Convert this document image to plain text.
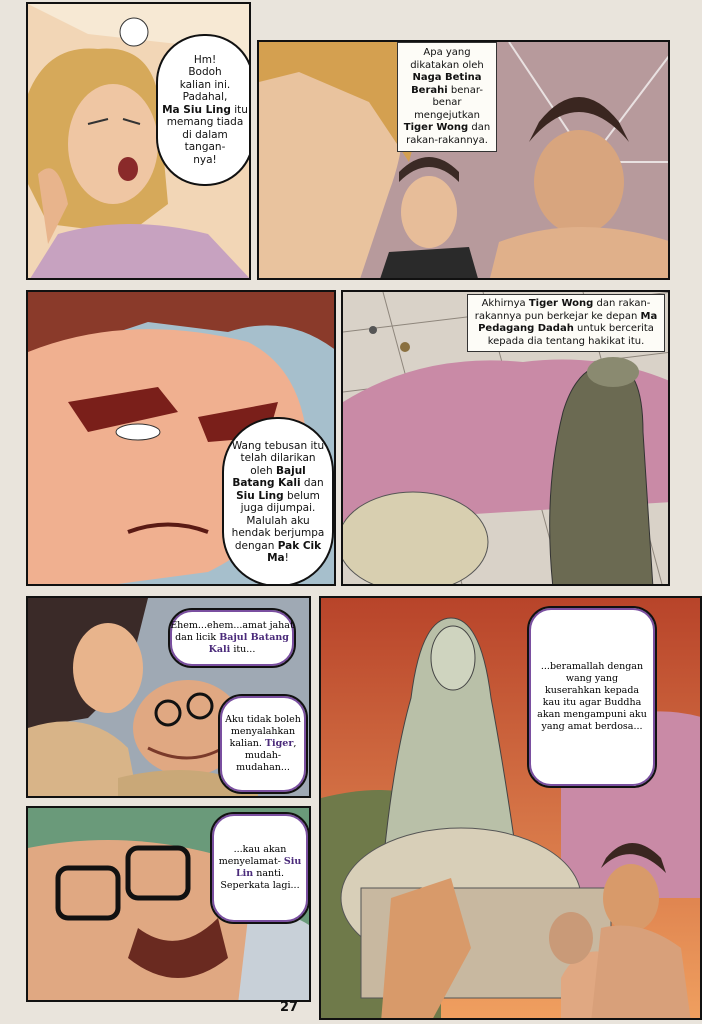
Hm!
Bodoh
kalian ini.
Padahal,
Ma Siu Ling itu
memang tiada
di dalam
tangan-
nya!
Apa yang dikatakan oleh Naga Betina Berahi benar-benar mengejutkan Tiger Wong dan rakan-rakannya.
Wang tebusan itu telah dilarikan oleh Bajul Batang Kali dan Siu Ling belum juga dijumpai. Malulah aku hendak berjumpa dengan Pak Cik Ma!
Akhirnya Tiger Wong dan rakan-rakannya pun berkejar ke depan Ma Pedagang Dadah untuk bercerita kepada dia tentang hakikat itu.
Ehem...ehem...amat jahat dan licik Bajul Batang Kali itu...
Aku tidak boleh menyalahkan kalian. Tiger, mudah-mudahan...
...beramallah dengan wang yang kuserahkan kepada kau itu agar Buddha akan mengampuni aku yang amat berdosa...
...kau akan menyelamat- Siu Lin nanti. Seperkata lagi...
27
